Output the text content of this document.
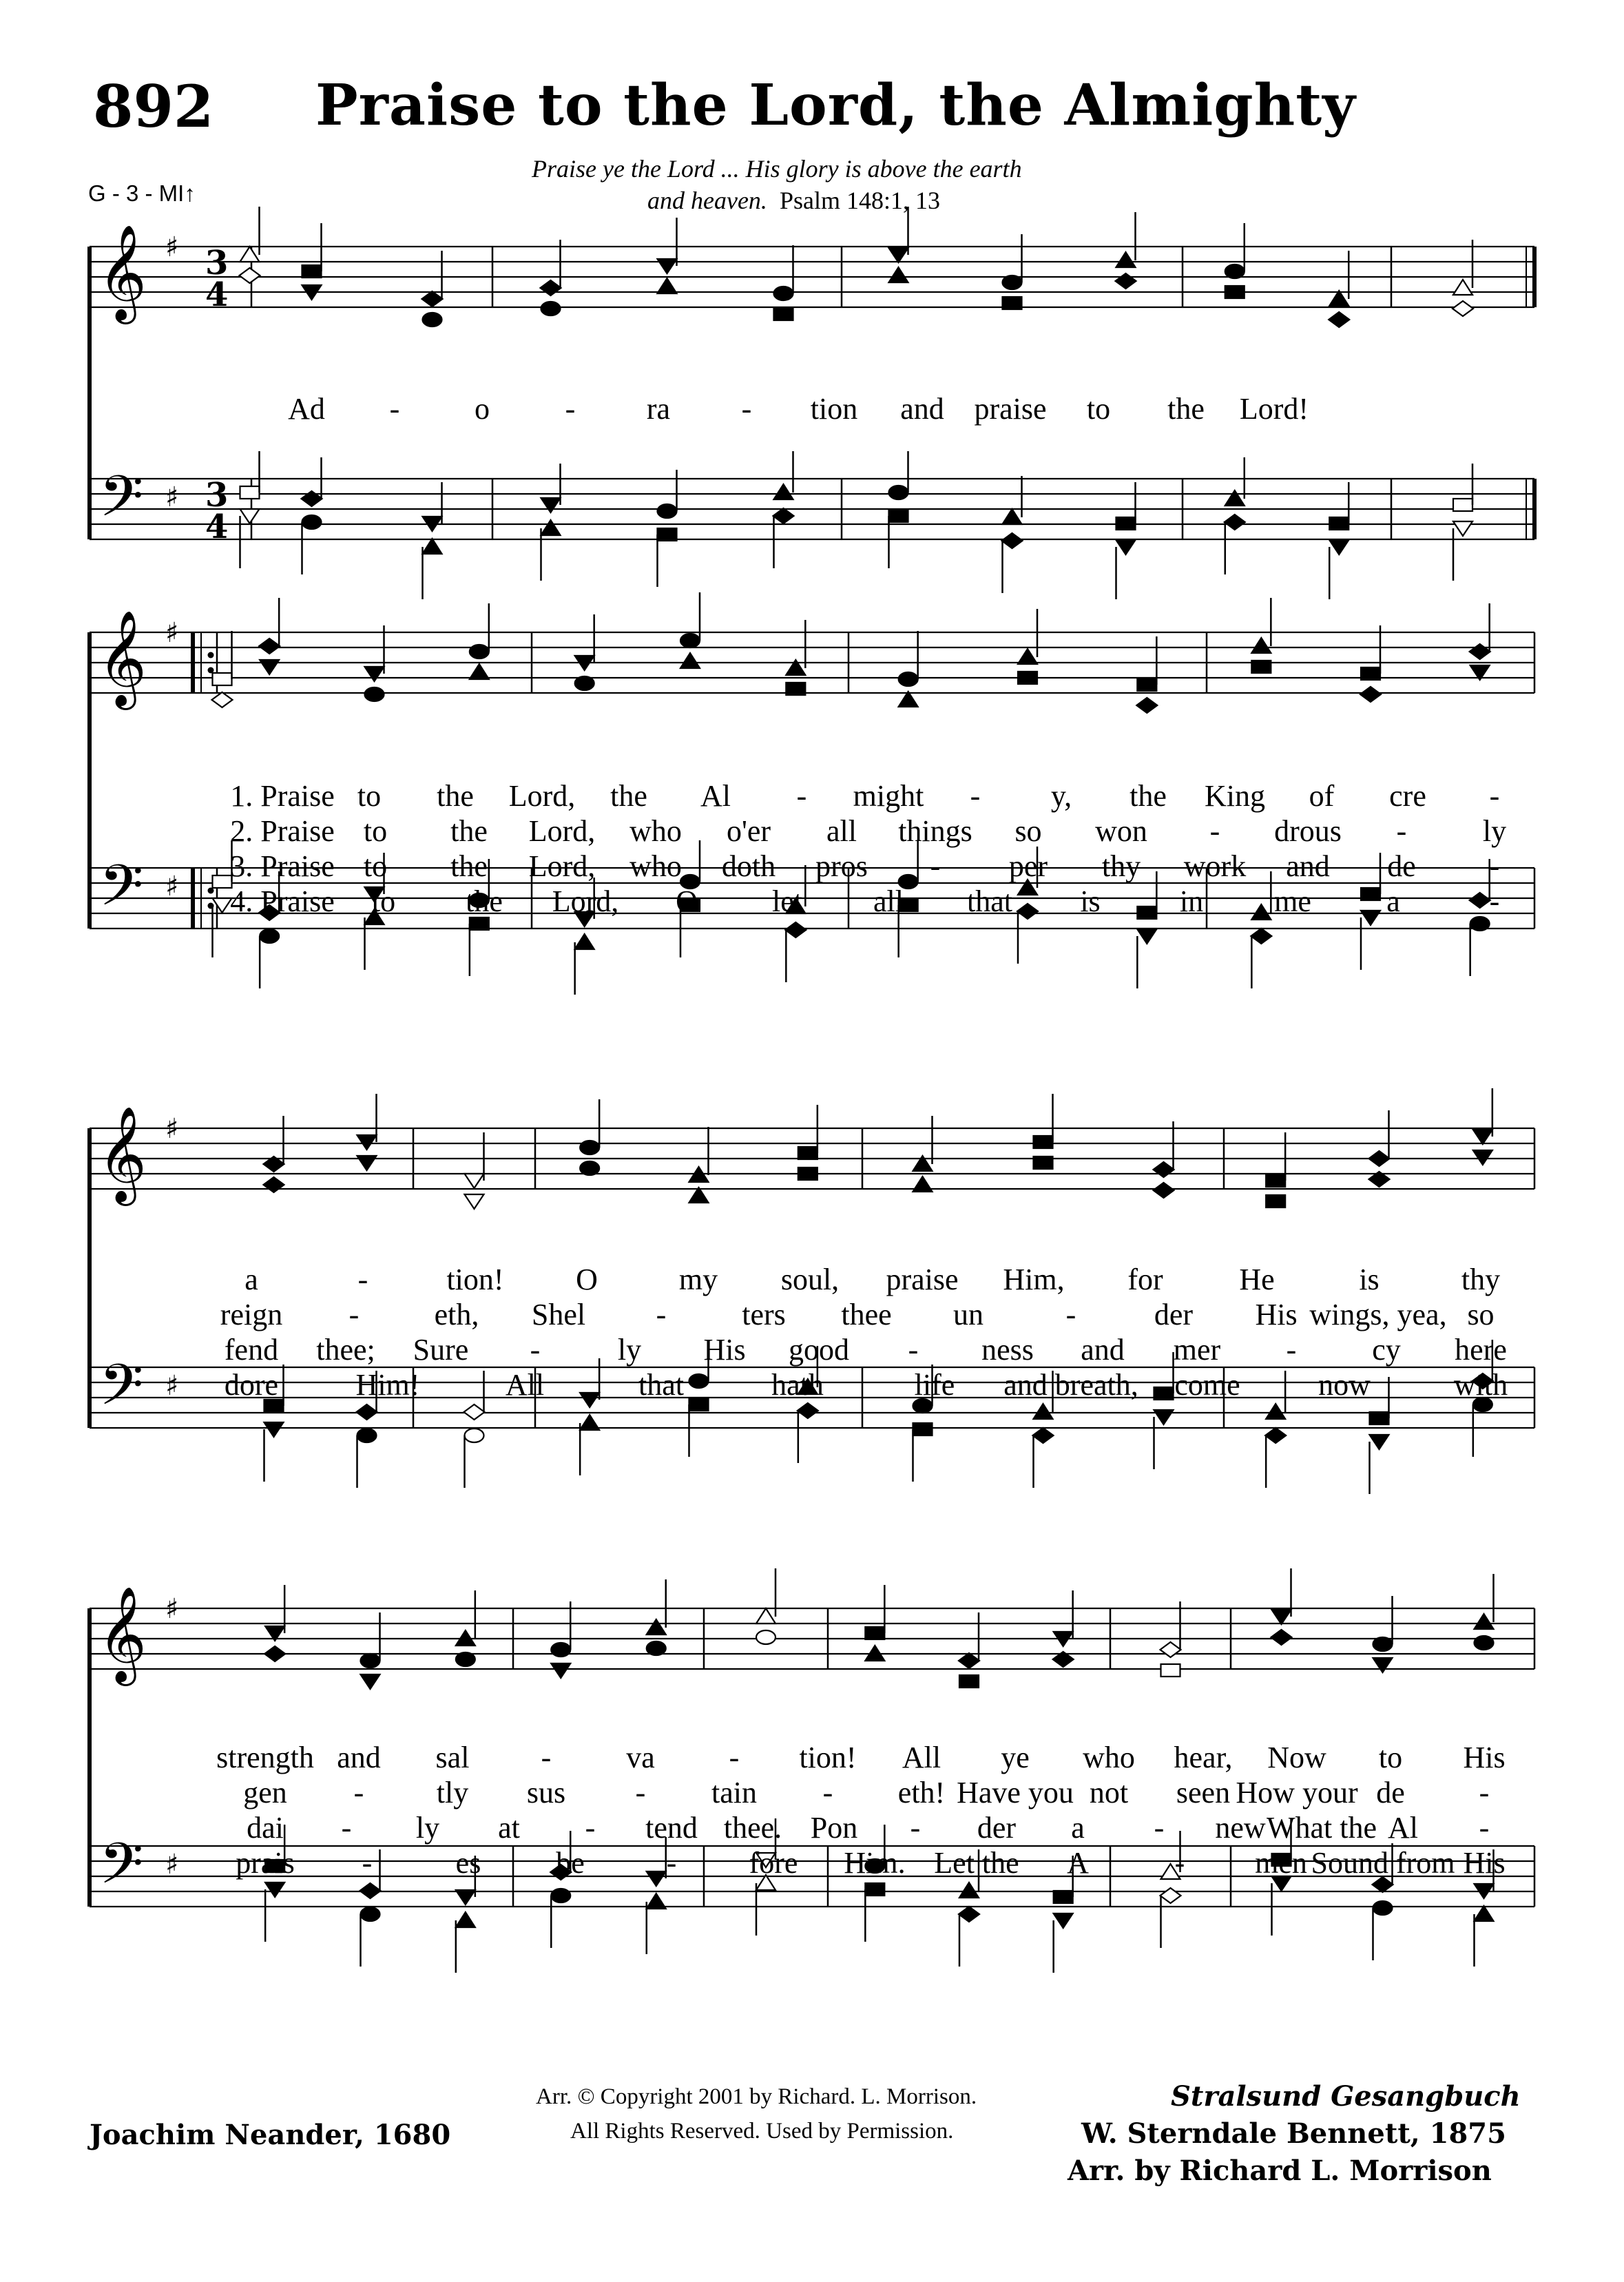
892 Praise to the Lord, the Almighty
Praise ye the Lord ... His glory is above the earth
and heaven. Psalm 148:1, 13
G - 3 - MI↑
𝄞
𝄢
♯
♯
3
4
3
4
𝄞
𝄢
♯
♯
𝄞
𝄢
♯
♯
𝄞
𝄢
♯
♯
Ad - o - ra - tion and praise to the Lord!
1. Praise to the Lord, the Al - might - y, the King of cre -
2. Praise to the Lord, who o'er all things so won - drous -	ly
3. Praise to the Lord, who doth pros - per thy work and de -
4. Praise to the Lord, O let all that is	in me a	-
a	-	tion! O	my soul, praise Him, for	He	is	thy
reign - eth, Shel - ters thee un	-	der His wings, yea, so
fend thee; Sure -	ly His good - ness and mer - cy here
dore	Him!	All	that	hath	life and breath, come	now	with
strength and sal - va - tion! All ye who hear, Now to His
gen - tly sus - tain - eth! Have you not seen How your de -
dai - ly at - tend thee. Pon - der a - new What the Al -
prais -	es be	- fore Him. Let the A	- men Sound from His
Arr. © Copyright 2001 by Richard. L. Morrison.
All Rights Reserved. Used by Permission.
Joachim Neander, 1680
Stralsund Gesangbuch
W. Sterndale Bennett, 1875
Arr. by Richard L. Morrison
